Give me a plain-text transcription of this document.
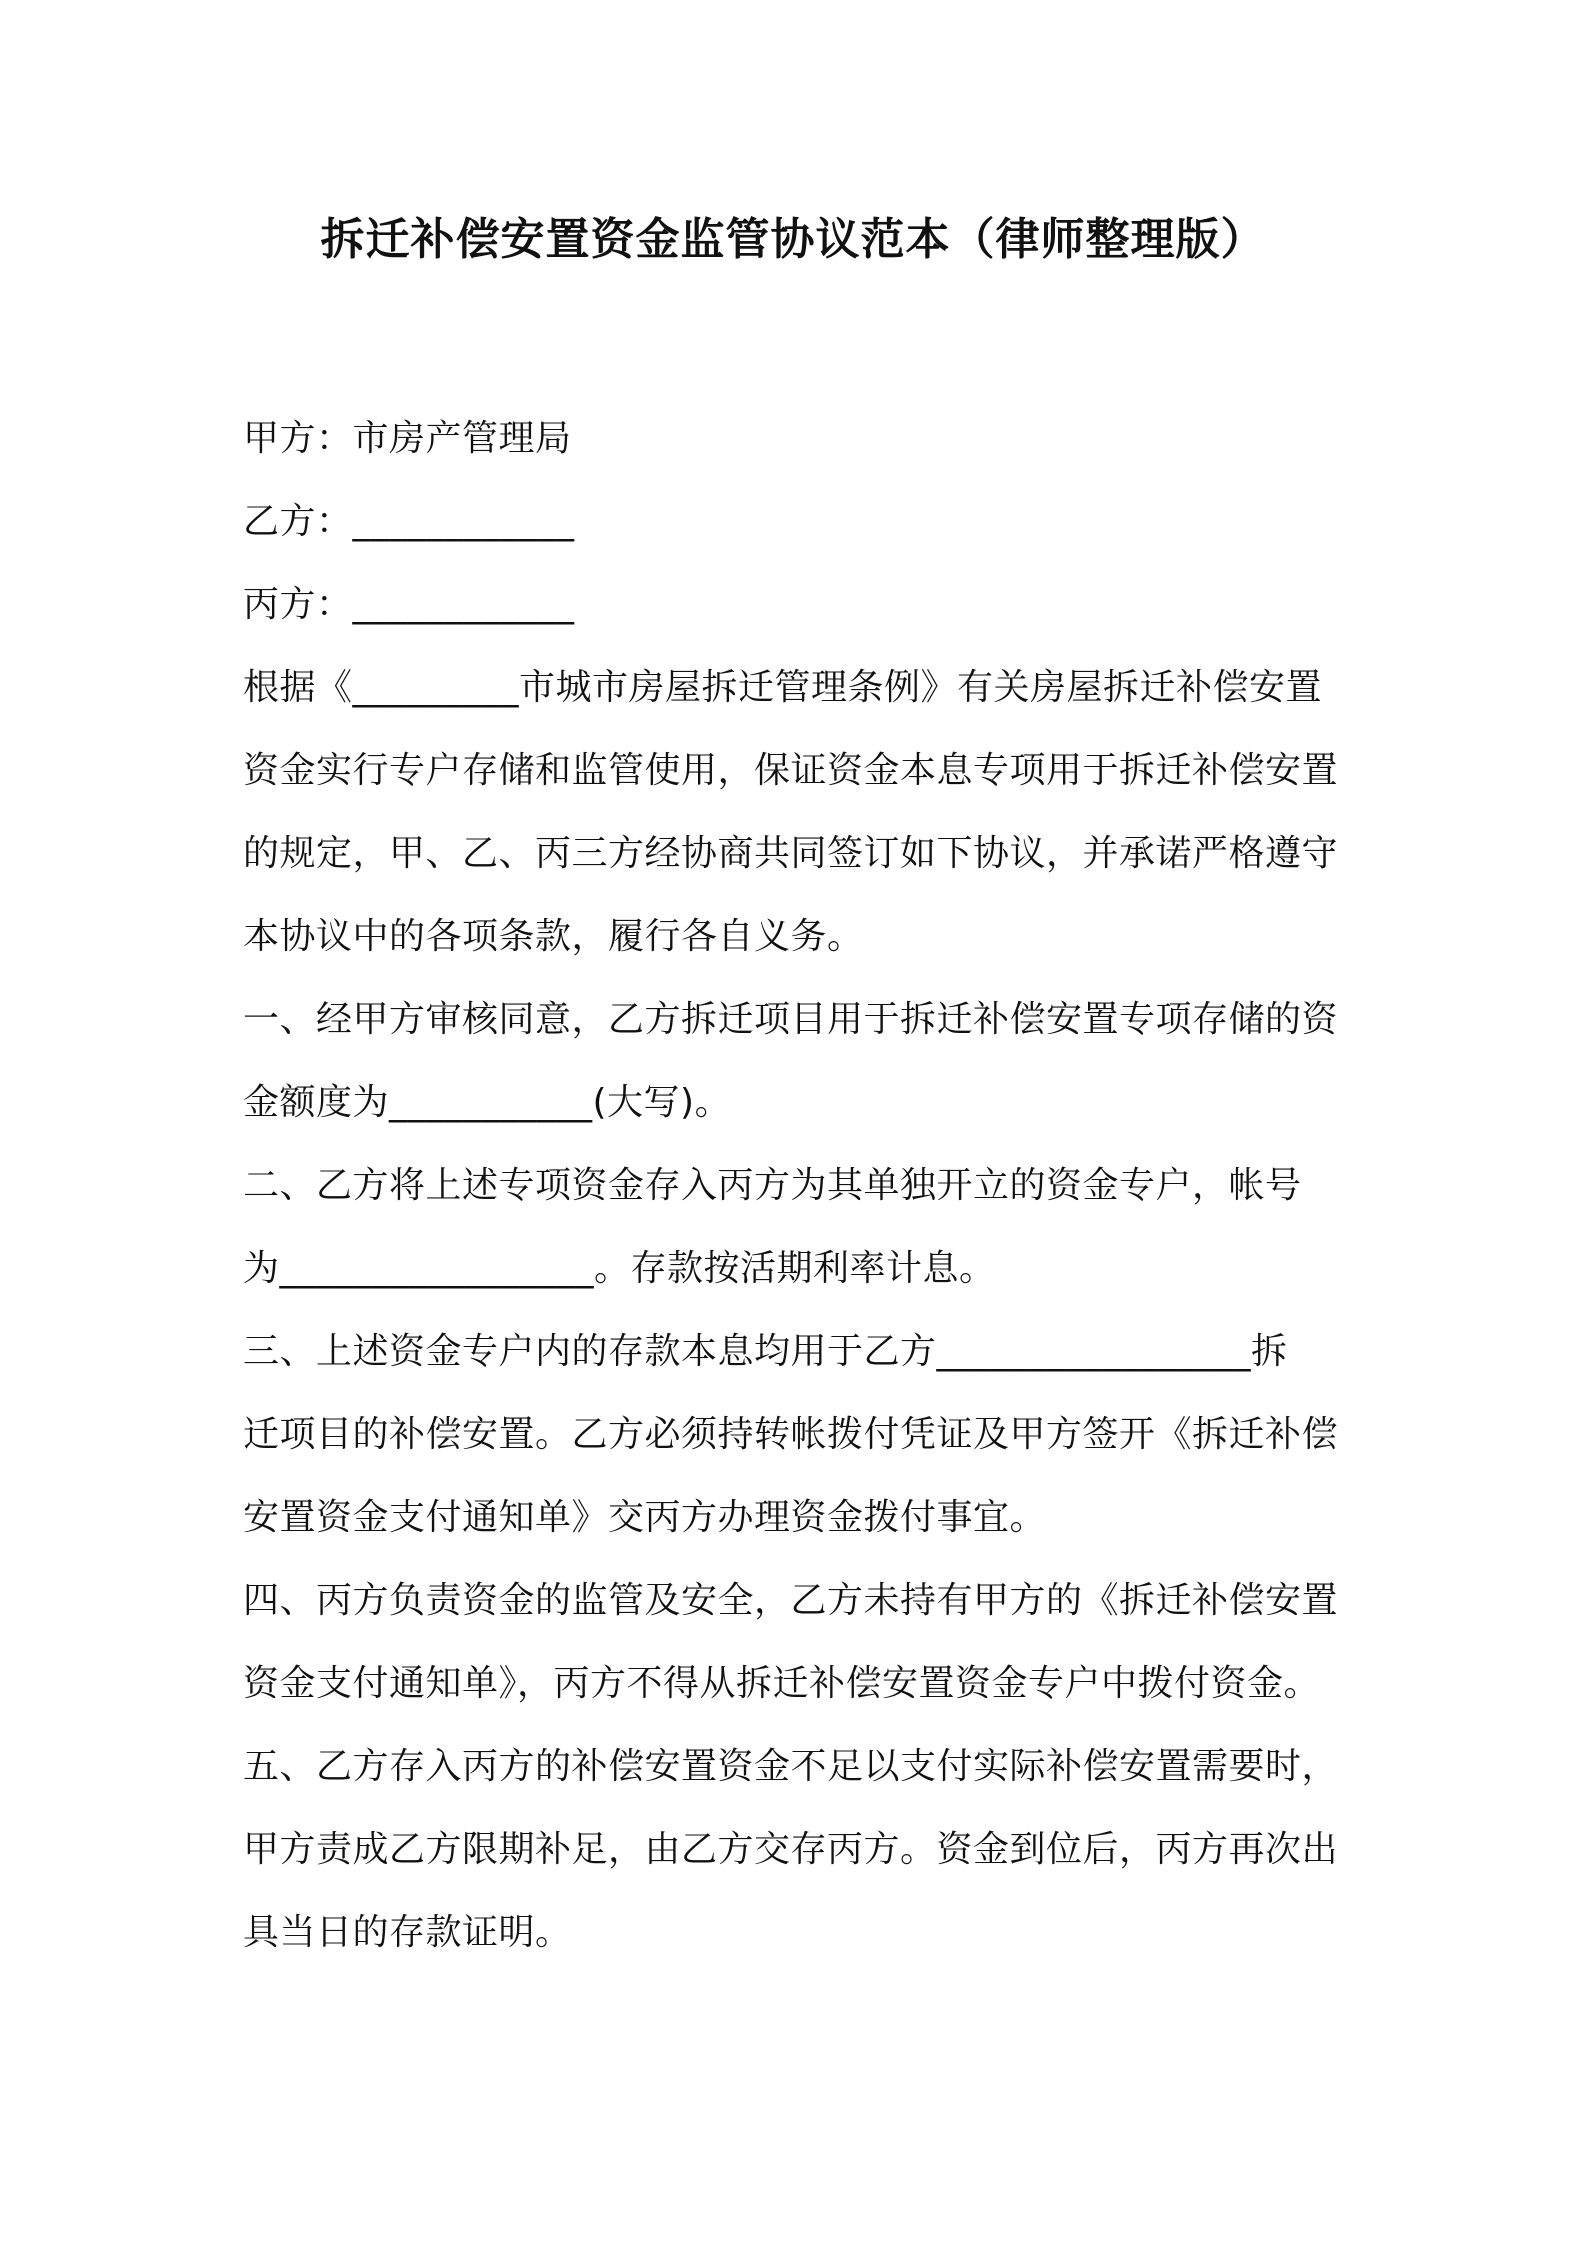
拆迁补偿安置资金监管协议范本（律师整理版）
甲方：市房产管理局
乙方：____________
丙方：____________
根据《_________市城市房屋拆迁管理条例》有关房屋拆迁补偿安置
资金实行专户存储和监管使用，保证资金本息专项用于拆迁补偿安置
的规定，甲、乙、丙三方经协商共同签订如下协议，并承诺严格遵守
本协议中的各项条款，履行各自义务。
一、经甲方审核同意，乙方拆迁项目用于拆迁补偿安置专项存储的资
金额度为___________(大写)。
二、乙方将上述专项资金存入丙方为其单独开立的资金专户，帐号
为_________________。存款按活期利率计息。
三、上述资金专户内的存款本息均用于乙方_________________拆
迁项目的补偿安置。乙方必须持转帐拨付凭证及甲方签开《拆迁补偿
安置资金支付通知单》交丙方办理资金拨付事宜。
四、丙方负责资金的监管及安全，乙方未持有甲方的《拆迁补偿安置
资金支付通知单》，丙方不得从拆迁补偿安置资金专户中拨付资金。
五、乙方存入丙方的补偿安置资金不足以支付实际补偿安置需要时，
甲方责成乙方限期补足，由乙方交存丙方。资金到位后，丙方再次出
具当日的存款证明。
